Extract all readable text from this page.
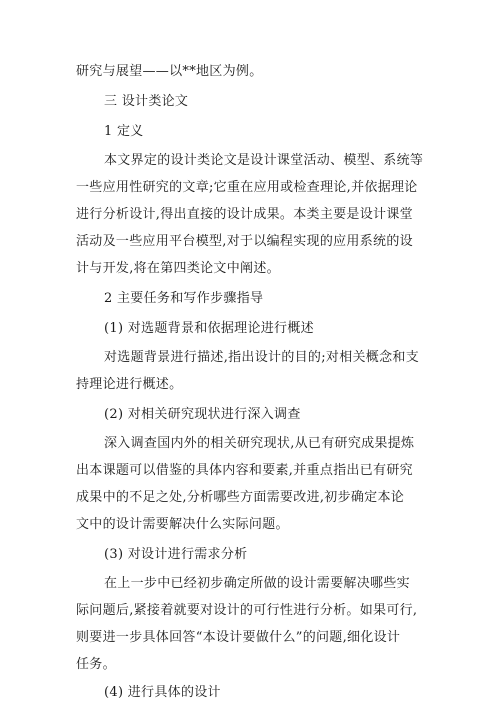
研究与展望——以**地区为例。
三 设计类论文
1 定义
本文界定的设计类论文是设计课堂活动、模型、系统等
一些应用性研究的文章;它重在应用或检查理论,并依据理论
进行分析设计,得出直接的设计成果。本类主要是设计课堂
活动及一些应用平台模型,对于以编程实现的应用系统的设
计与开发,将在第四类论文中阐述。
2 主要任务和写作步骤指导
(1) 对选题背景和依据理论进行概述
对选题背景进行描述,指出设计的目的;对相关概念和支
持理论进行概述。
(2) 对相关研究现状进行深入调查
深入调查国内外的相关研究现状,从已有研究成果提炼
出本课题可以借鉴的具体内容和要素,并重点指出已有研究
成果中的不足之处,分析哪些方面需要改进,初步确定本论
文中的设计需要解决什么实际问题。
(3) 对设计进行需求分析
在上一步中已经初步确定所做的设计需要解决哪些实
际问题后,紧接着就要对设计的可行性进行分析。如果可行,
则要进一步具体回答“本设计要做什么”的问题,细化设计
任务。
(4) 进行具体的设计
